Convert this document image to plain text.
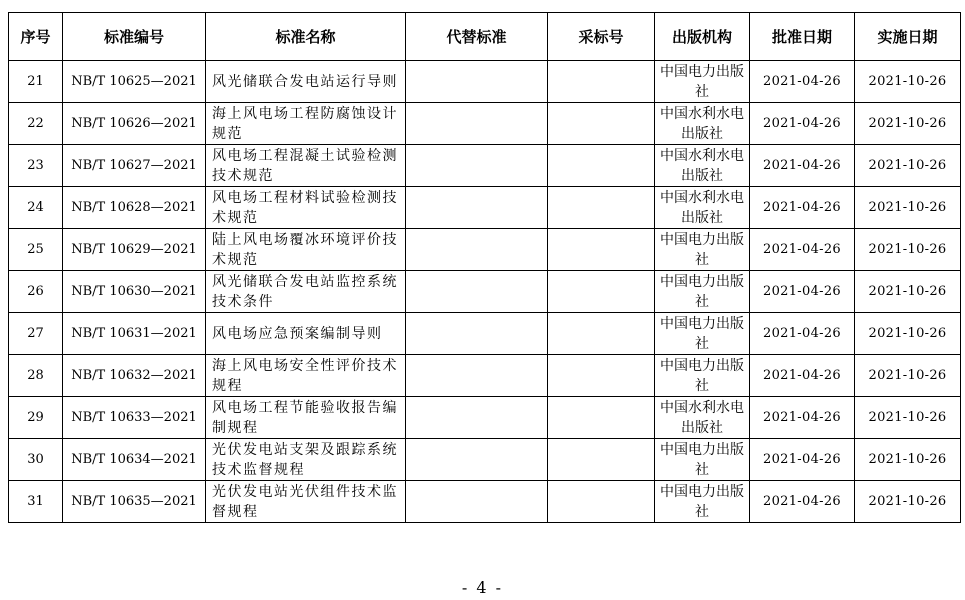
序号	标准编号	标准名称	代替标准	采标号	出版机构	批准日期	实施日期
21	NB/T 10625—2021	风光储联合发电站运行导则			中国电力出版社	2021-04-26	2021-10-26
22	NB/T 10626—2021	海上风电场工程防腐蚀设计规范			中国水利水电出版社	2021-04-26	2021-10-26
23	NB/T 10627—2021	风电场工程混凝土试验检测技术规范			中国水利水电出版社	2021-04-26	2021-10-26
24	NB/T 10628—2021	风电场工程材料试验检测技术规范			中国水利水电出版社	2021-04-26	2021-10-26
25	NB/T 10629—2021	陆上风电场覆冰环境评价技术规范			中国电力出版社	2021-04-26	2021-10-26
26	NB/T 10630—2021	风光储联合发电站监控系统技术条件			中国电力出版社	2021-04-26	2021-10-26
27	NB/T 10631—2021	风电场应急预案编制导则			中国电力出版社	2021-04-26	2021-10-26
28	NB/T 10632—2021	海上风电场安全性评价技术规程			中国电力出版社	2021-04-26	2021-10-26
29	NB/T 10633—2021	风电场工程节能验收报告编制规程			中国水利水电出版社	2021-04-26	2021-10-26
30	NB/T 10634—2021	光伏发电站支架及跟踪系统技术监督规程			中国电力出版社	2021-04-26	2021-10-26
31	NB/T 10635—2021	光伏发电站光伏组件技术监督规程			中国电力出版社	2021-04-26	2021-10-26
- 4 -
